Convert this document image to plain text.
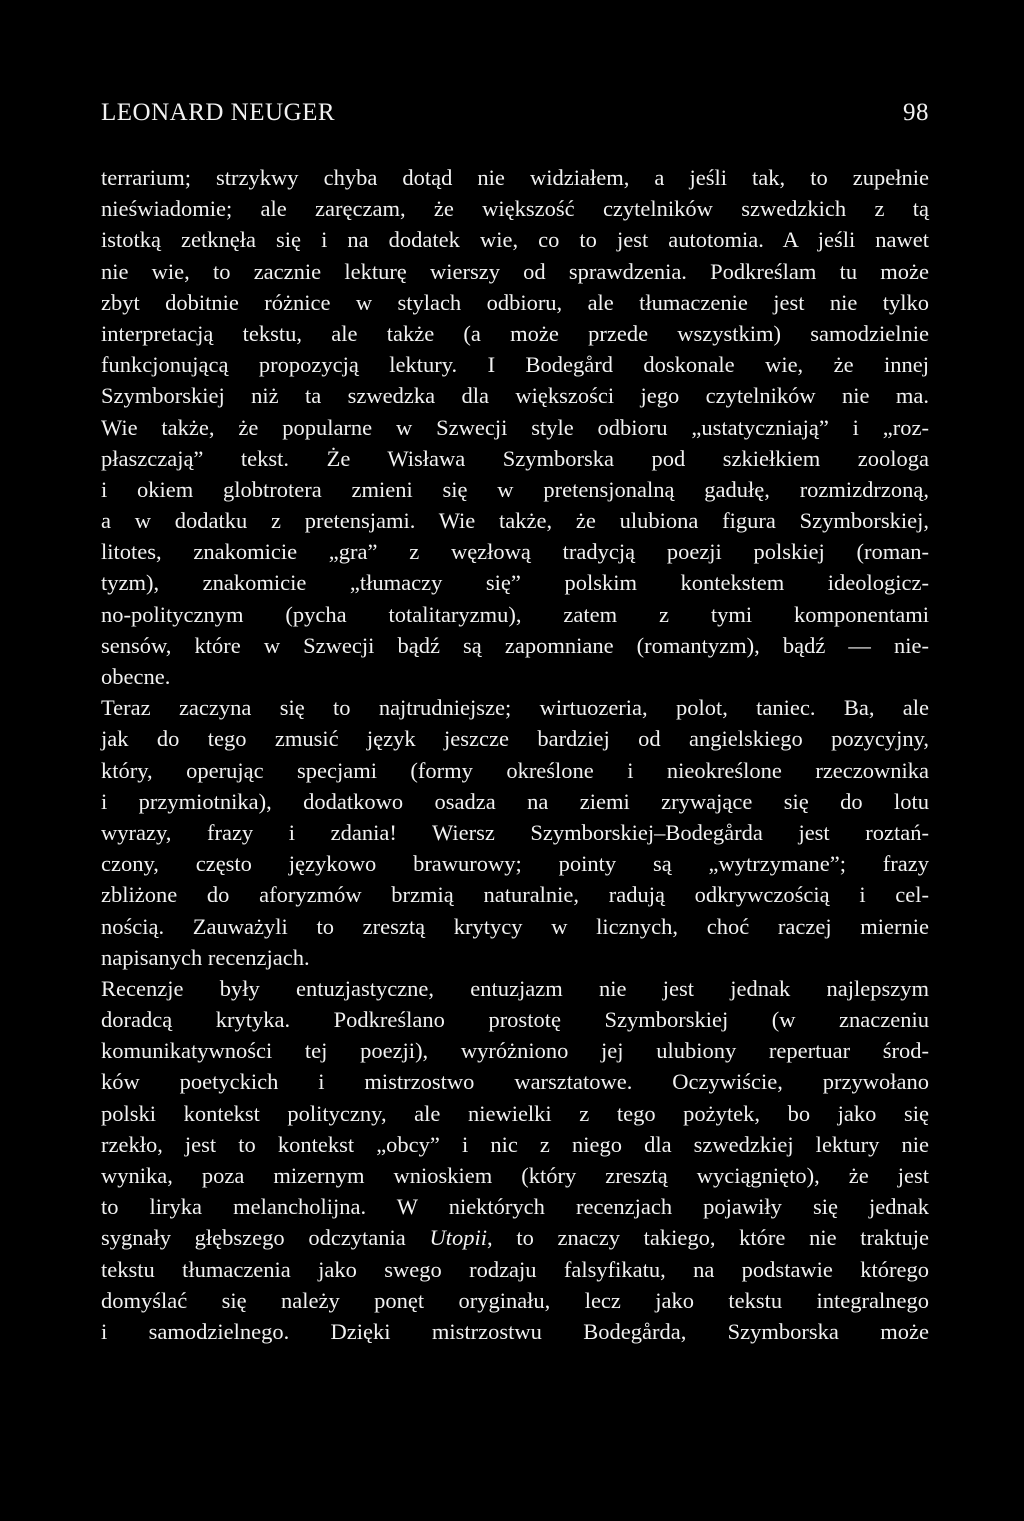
LEONARD NEUGER	98
terrarium; strzykwy chyba dotąd nie widziałem, a jeśli tak, to zupełnie
nieświadomie; ale zaręczam, że większość czytelników szwedzkich z tą
istotką zetknęła się i na dodatek wie, co to jest autotomia. A jeśli nawet
nie wie, to zacznie lekturę wierszy od sprawdzenia. Podkreślam tu może
zbyt dobitnie różnice w stylach odbioru, ale tłumaczenie jest nie tylko
interpretacją tekstu, ale także (a może przede wszystkim) samodzielnie
funkcjonującą propozycją lektury. I Bodegård doskonale wie, że innej
Szymborskiej niż ta szwedzka dla większości jego czytelników nie ma.
Wie także, że popularne w Szwecji style odbioru „ustatyczniają” i „roz-
płaszczają” tekst. Że Wisława Szymborska pod szkiełkiem zoologa
i okiem globtrotera zmieni się w pretensjonalną gadułę, rozmizdrzoną,
a w dodatku z pretensjami. Wie także, że ulubiona figura Szymborskiej,
litotes, znakomicie „gra” z węzłową tradycją poezji polskiej (roman-
tyzm), znakomicie „tłumaczy się” polskim kontekstem ideologicz-
no-politycznym (pycha totalitaryzmu), zatem z tymi komponentami
sensów, które w Szwecji bądź są zapomniane (romantyzm), bądź — nie-
obecne.
Teraz zaczyna się to najtrudniejsze; wirtuozeria, polot, taniec. Ba, ale
jak do tego zmusić język jeszcze bardziej od angielskiego pozycyjny,
który, operując specjami (formy określone i nieokreślone rzeczownika
i przymiotnika), dodatkowo osadza na ziemi zrywające się do lotu
wyrazy, frazy i zdania! Wiersz Szymborskiej–Bodegårda jest roztań-
czony, często językowo brawurowy; pointy są „wytrzymane”; frazy
zbliżone do aforyzmów brzmią naturalnie, radują odkrywczością i cel-
nością. Zauważyli to zresztą krytycy w licznych, choć raczej miernie
napisanych recenzjach.
Recenzje były entuzjastyczne, entuzjazm nie jest jednak najlepszym
doradcą krytyka. Podkreślano prostotę Szymborskiej (w znaczeniu
komunikatywności tej poezji), wyróżniono jej ulubiony repertuar środ-
ków poetyckich i mistrzostwo warsztatowe. Oczywiście, przywołano
polski kontekst polityczny, ale niewielki z tego pożytek, bo jako się
rzekło, jest to kontekst „obcy” i nic z niego dla szwedzkiej lektury nie
wynika, poza mizernym wnioskiem (który zresztą wyciągnięto), że jest
to liryka melancholijna. W niektórych recenzjach pojawiły się jednak
sygnały głębszego odczytania Utopii, to znaczy takiego, które nie traktuje
tekstu tłumaczenia jako swego rodzaju falsyfikatu, na podstawie którego
domyślać się należy ponęt oryginału, lecz jako tekstu integralnego
i samodzielnego. Dzięki mistrzostwu Bodegårda, Szymborska może
